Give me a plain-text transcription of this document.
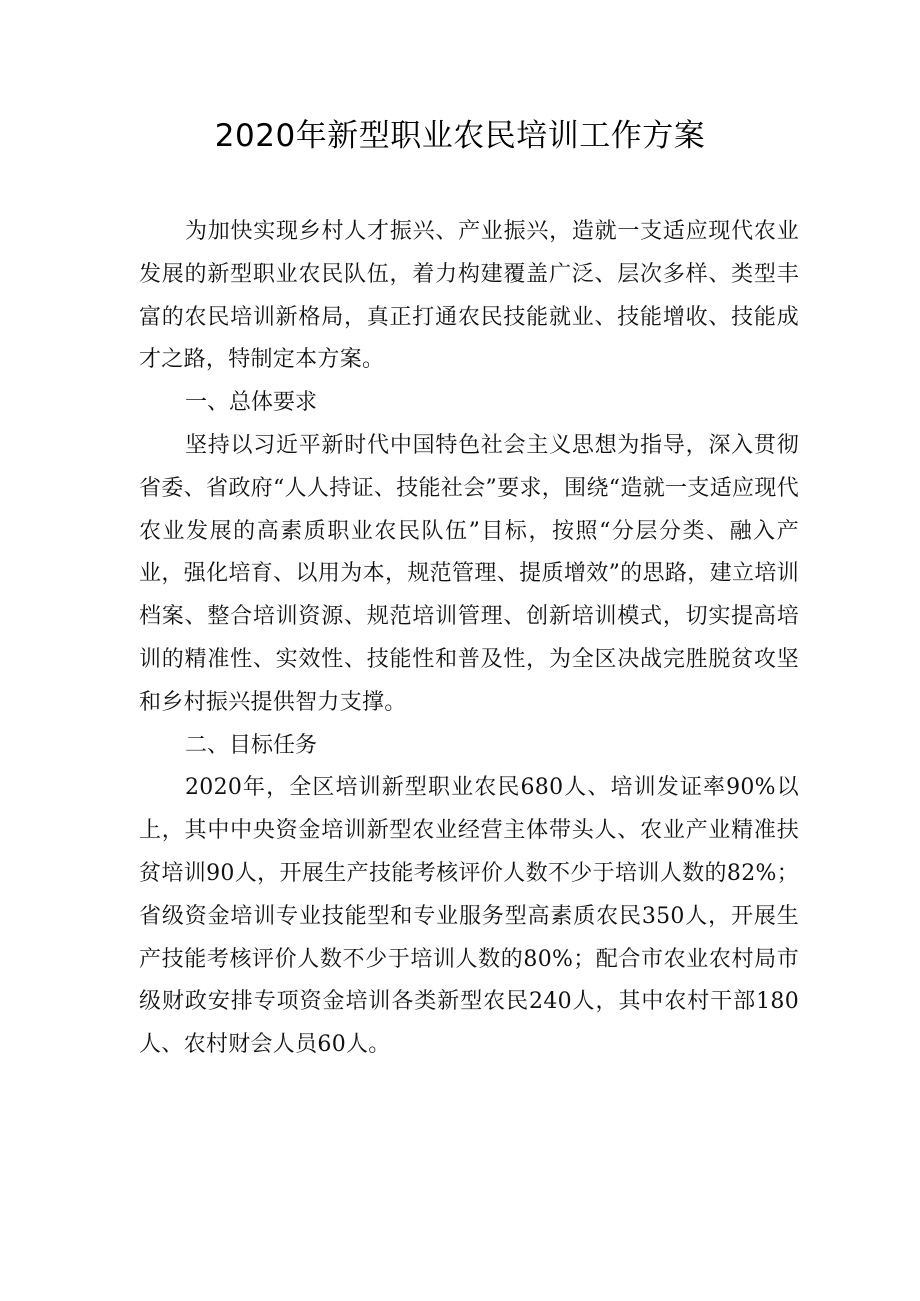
2020年新型职业农民培训工作方案

为加快实现乡村人才振兴、产业振兴，造就一支适应现代农业发展的新型职业农民队伍，着力构建覆盖广泛、层次多样、类型丰富的农民培训新格局，真正打通农民技能就业、技能增收、技能成才之路，特制定本方案。

一、总体要求

坚持以习近平新时代中国特色社会主义思想为指导，深入贯彻省委、省政府“人人持证、技能社会”要求，围绕“造就一支适应现代农业发展的高素质职业农民队伍”目标，按照“分层分类、融入产业，强化培育、以用为本，规范管理、提质增效”的思路，建立培训档案、整合培训资源、规范培训管理、创新培训模式，切实提高培训的精准性、实效性、技能性和普及性，为全区决战完胜脱贫攻坚和乡村振兴提供智力支撑。

二、目标任务

2020年，全区培训新型职业农民680人、培训发证率90%以上，其中中央资金培训新型农业经营主体带头人、农业产业精准扶贫培训90人，开展生产技能考核评价人数不少于培训人数的82%；省级资金培训专业技能型和专业服务型高素质农民350人，开展生产技能考核评价人数不少于培训人数的80%；配合市农业农村局市级财政安排专项资金培训各类新型农民240人，其中农村干部180人、农村财会人员60人。
